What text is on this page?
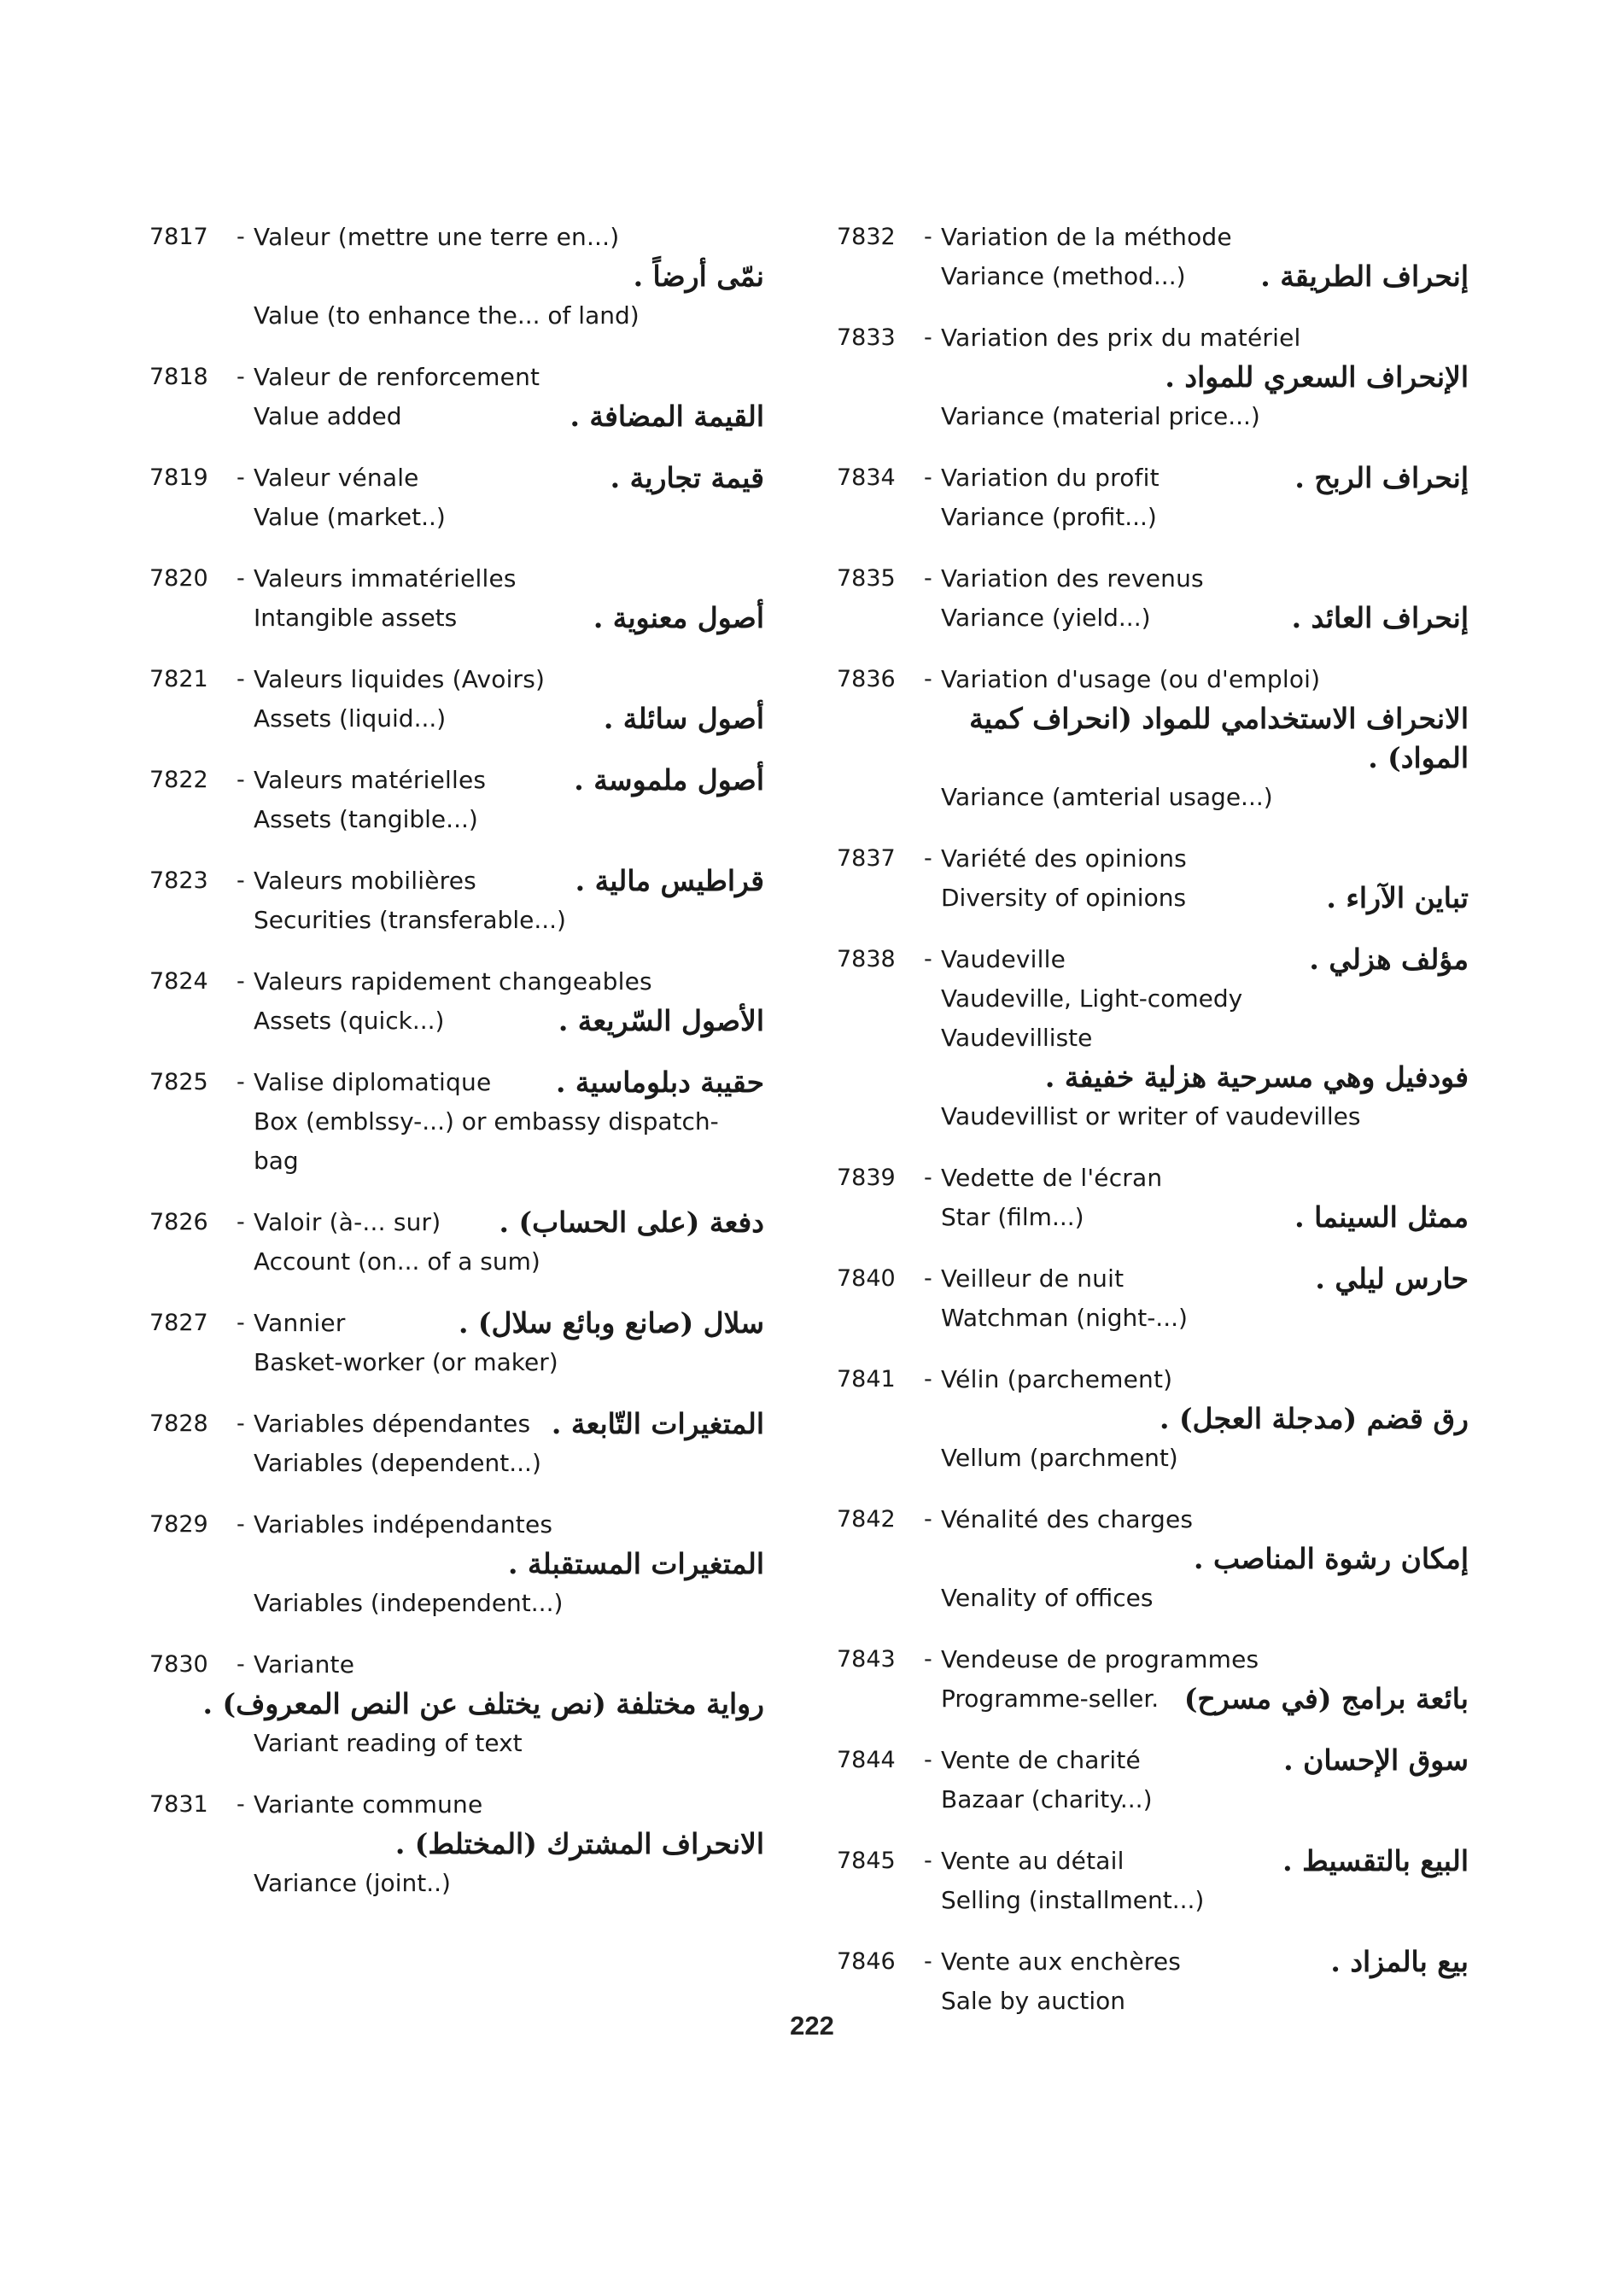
7817	- Valeur (mettre une terre en...)
نمّى أرضاً .
Value (to enhance the... of land)
7818	- Valeur de renforcement
Value added	القيمة المضافة .
7819	- Valeur vénale	قيمة تجارية .
Value (market..)
7820	- Valeurs immatérielles
Intangible assets	أصول معنوية .
7821	- Valeurs liquides (Avoirs)
Assets (liquid...)	أصول سائلة .
7822	- Valeurs matérielles	أصول ملموسة .
Assets (tangible...)
7823	- Valeurs mobilières	قراطيس مالية .
Securities (transferable...)
7824	- Valeurs rapidement changeables
Assets (quick...)	الأصول السّريعة .
7825	- Valise diplomatique حقيبة دبلوماسية .
Box (emblssy-...) or embassy dispatch-
bag
7826	- Valoir (à-... sur) دفعة (على الحساب) .
Account (on... of a sum)
7827	- Vannier	سلال (صانع وبائع سلال) .
Basket-worker (or maker)
7828	- Variables dépendantes المتغيرات التّابعة .
Variables (dependent...)
7829	- Variables indépendantes
المتغيرات المستقبلة .
Variables (independent...)
7830	- Variante
رواية مختلفة (نص يختلف عن النص المعروف) .
Variant reading of text
7831	- Variante commune
الانحراف المشترك (المختلط) .
Variance (joint..)
7832	- Variation de la méthode
Variance (method...)	إنحراف الطريقة .
7833	- Variation des prix du matériel
الإنحراف السعري للمواد .
Variance (material price...)
7834	- Variation du profit	إنحراف الربح .
Variance (profit...)
7835	- Variation des revenus
Variance (yield...)	إنحراف العائد .
7836	- Variation d'usage (ou d'emploi)
الانحراف الاستخدامي للمواد (انحراف كمية
المواد) .
Variance (amterial usage...)
7837	- Variété des opinions
Diversity of opinions	تباين الآراء .
7838	- Vaudeville	مؤلف هزلي .
Vaudeville, Light-comedy
Vaudevilliste
فودفيل وهي مسرحية هزلية خفيفة .
Vaudevillist or writer of vaudevilles
7839	- Vedette de l'écran
Star (film...)	ممثل السينما .
7840	- Veilleur de nuit	حارس ليلي .
Watchman (night-...)
7841	- Vélin (parchement)
رق قضم (مدجلة العجل) .
Vellum (parchment)
7842	- Vénalité des charges
إمكان رشوة المناصب .
Venality of offices
7843	- Vendeuse de programmes
Programme-seller. بائعة برامج (في مسرح)
7844	- Vente de charité	سوق الإحسان .
Bazaar (charity...)
7845	- Vente au détail	البيع بالتقسيط .
Selling (installment...)
7846	- Vente aux enchères	بيع بالمزاد .
Sale by auction
222
